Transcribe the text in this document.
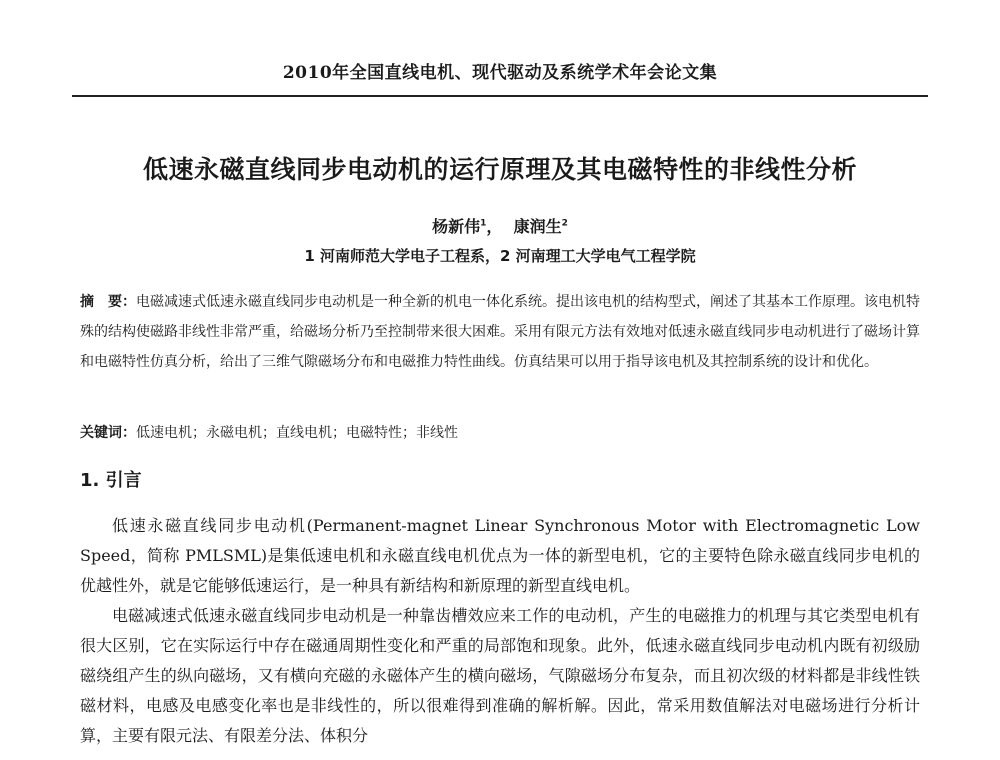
2010年全国直线电机、现代驱动及系统学术年会论文集
低速永磁直线同步电动机的运行原理及其电磁特性的非线性分析
杨新伟$^1$， 康润生$^2$
1 河南师范大学电子工程系，2 河南理工大学电气工程学院
摘　要：电磁减速式低速永磁直线同步电动机是一种全新的机电一体化系统。提出该电机的结构型式，阐述了其基本工作原理。该电机特殊的结构使磁路非线性非常严重，给磁场分析乃至控制带来很大困难。采用有限元方法有效地对低速永磁直线同步电动机进行了磁场计算和电磁特性仿真分析，给出了三维气隙磁场分布和电磁推力特性曲线。仿真结果可以用于指导该电机及其控制系统的设计和优化。
关键词：低速电机；永磁电机；直线电机；电磁特性；非线性
1. 引言

低速永磁直线同步电动机(Permanent-magnet Linear Synchronous Motor with Electromagnetic Low Speed，简称 PMLSML)是集低速电机和永磁直线电机优点为一体的新型电机，它的主要特色除永磁直线同步电机的优越性外，就是它能够低速运行，是一种具有新结构和新原理的新型直线电机。

电磁减速式低速永磁直线同步电动机是一种靠齿槽效应来工作的电动机，产生的电磁推力的机理与其它类型电机有很大区别，它在实际运行中存在磁通周期性变化和严重的局部饱和现象。此外，低速永磁直线同步电动机内既有初级励磁绕组产生的纵向磁场，又有横向充磁的永磁体产生的横向磁场，气隙磁场分布复杂，而且初次级的材料都是非线性铁磁材料，电感及电感变化率也是非线性的，所以很难得到准确的解析解。因此，常采用数值解法对电磁场进行分析计算，主要有限元法、有限差分法、体积分
